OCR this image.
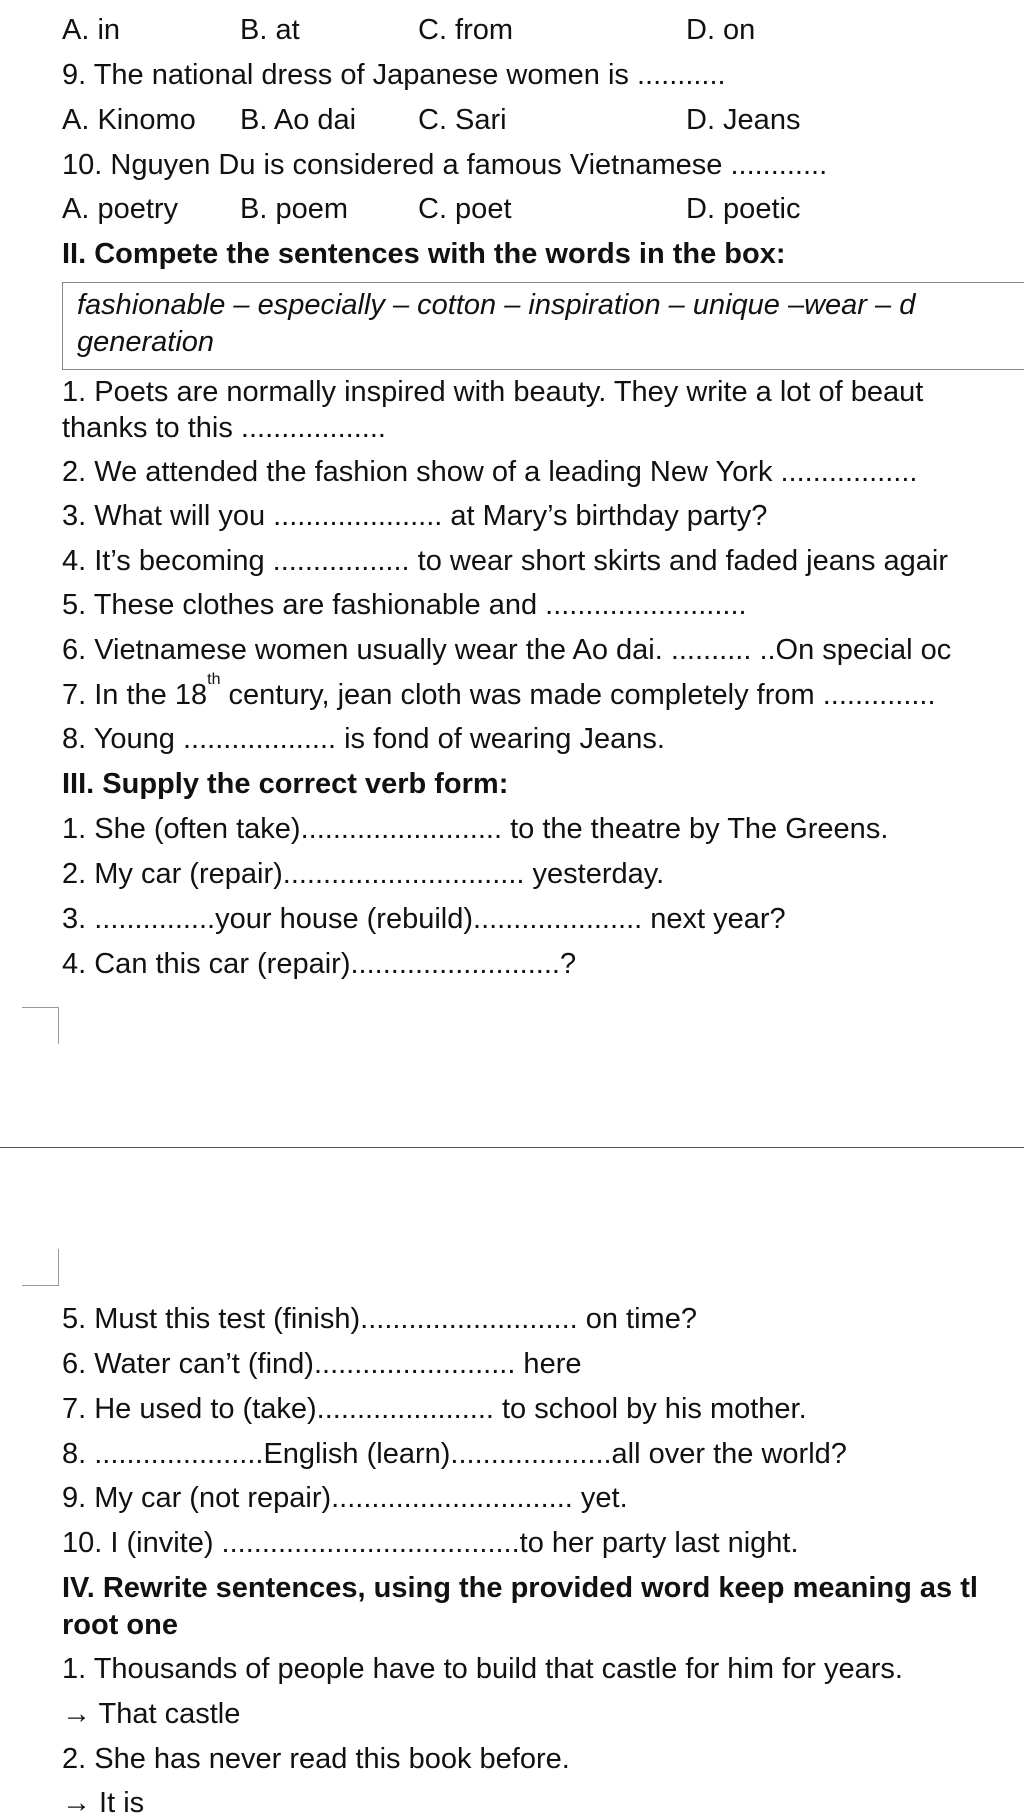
A. in	B. at	C. from	D. on
9. The national dress of Japanese women is ...........
A. Kinomo B. Ao dai C. Sari	D. Jeans
10. Nguyen Du is considered a famous Vietnamese ............
A. poetry B. poem C. poet	D. poetic
II. Compete the sentences with the words in the box:
fashionable – especially – cotton – inspiration – unique –wear – d
generation
1. Poets are normally inspired with beauty. They write a lot of beaut
thanks to this ..................
2. We attended the fashion show of a leading New York .................
3. What will you ..................... at Mary’s birthday party?
4. It’s becoming ................. to wear short skirts and faded jeans agair
5. These clothes are fashionable and .........................
6. Vietnamese women usually wear the Ao dai. .......... ..On special oc
7. In the 18th century, jean cloth was made completely from ..............
8. Young ................... is fond of wearing Jeans.
III. Supply the correct verb form:
1. She (often take)......................... to the theatre by The Greens.
2. My car (repair).............................. yesterday.
3. ...............your house (rebuild)..................... next year?
4. Can this car (repair)..........................?
5. Must this test (finish)........................... on time?
6. Water can’t (find)......................... here
7. He used to (take)...................... to school by his mother.
8. .....................English (learn)....................all over the world?
9. My car (not repair).............................. yet.
10. I (invite) .....................................to her party last night.
IV. Rewrite sentences, using the provided word keep meaning as tl
root one
1. Thousands of people have to build that castle for him for years.
→ That castle
2. She has never read this book before.
→ It is
